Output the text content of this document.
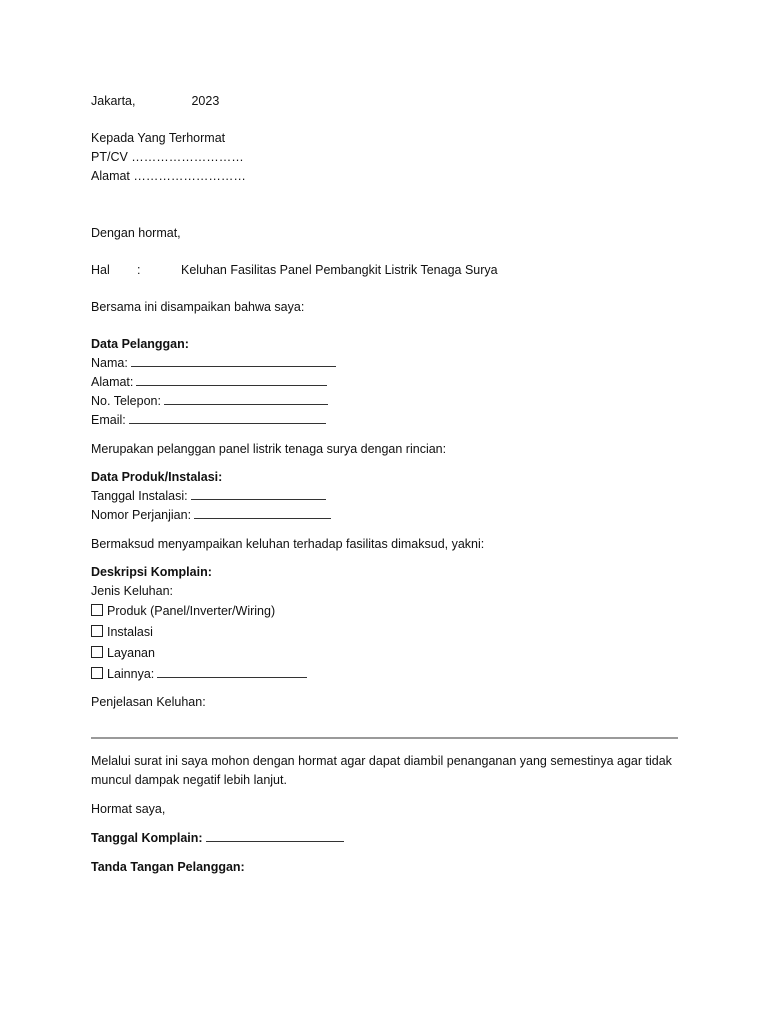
Jakarta,	2023
Kepada Yang Terhormat
PT/CV ………………………
Alamat ………………………
Dengan hormat,
Hal :	Keluhan Fasilitas Panel Pembangkit Listrik Tenaga Surya
Bersama ini disampaikan bahwa saya:
Data Pelanggan:
Nama:
Alamat:
No. Telepon:
Email:
Merupakan pelanggan panel listrik tenaga surya dengan rincian:
Data Produk/Instalasi:
Tanggal Instalasi:
Nomor Perjanjian:
Bermaksud menyampaikan keluhan terhadap fasilitas dimaksud, yakni:
Deskripsi Komplain:
Jenis Keluhan:
Produk (Panel/Inverter/Wiring)
Instalasi
Layanan
Lainnya:
Penjelasan Keluhan:
Melalui surat ini saya mohon dengan hormat agar dapat diambil penanganan yang semestinya agar tidak muncul dampak negatif lebih lanjut.
Hormat saya,
Tanggal Komplain:
Tanda Tangan Pelanggan:
